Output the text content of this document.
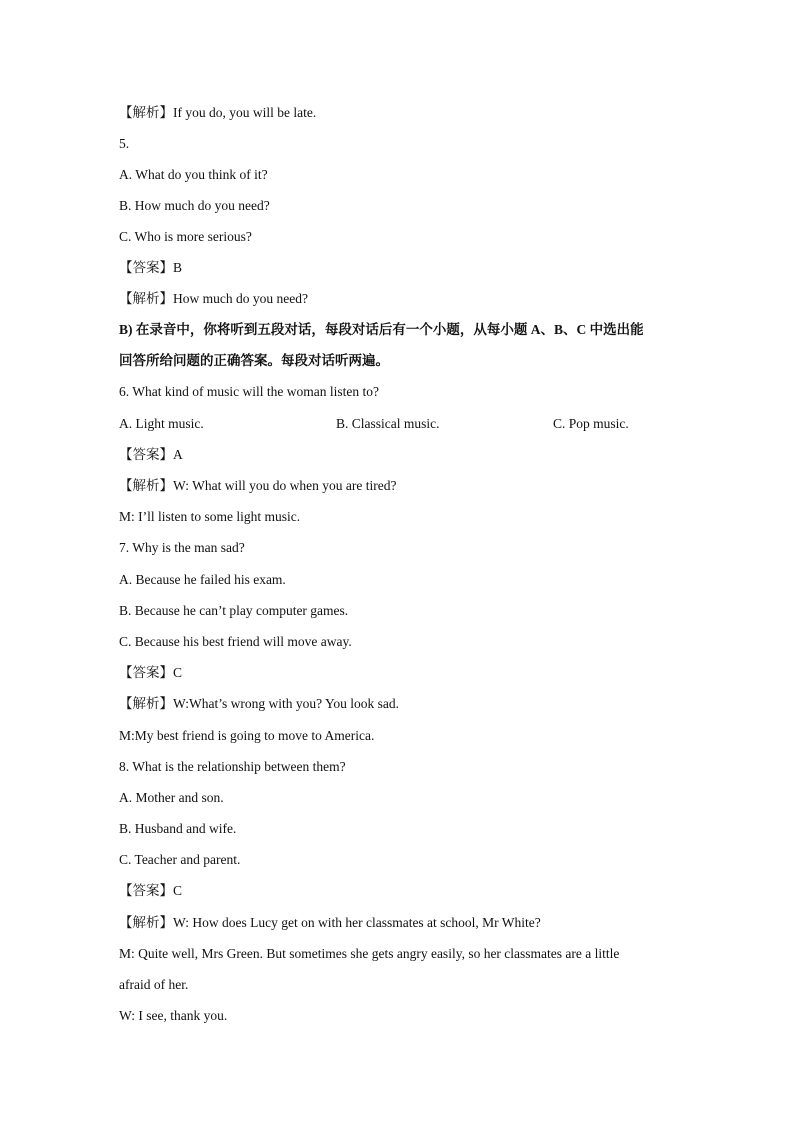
【解析】If you do, you will be late.
5.
A. What do you think of it?
B. How much do you need?
C. Who is more serious?
【答案】B
【解析】How much do you need?
B) 在录音中，你将听到五段对话，每段对话后有一个小题，从每小题 A、B、C 中选出能
回答所给问题的正确答案。每段对话听两遍。
6. What kind of music will the woman listen to?
A. Light music.	B. Classical music.	C. Pop music.
【答案】A
【解析】W: What will you do when you are tired?
M: I’ll listen to some light music.
7. Why is the man sad?
A. Because he failed his exam.
B. Because he can’t play computer games.
C. Because his best friend will move away.
【答案】C
【解析】W:What’s wrong with you? You look sad.
M:My best friend is going to move to America.
8. What is the relationship between them?
A. Mother and son.
B. Husband and wife.
C. Teacher and parent.
【答案】C
【解析】W: How does Lucy get on with her classmates at school, Mr White?
M: Quite well, Mrs Green. But sometimes she gets angry easily, so her classmates are a little
afraid of her.
W: I see, thank you.
